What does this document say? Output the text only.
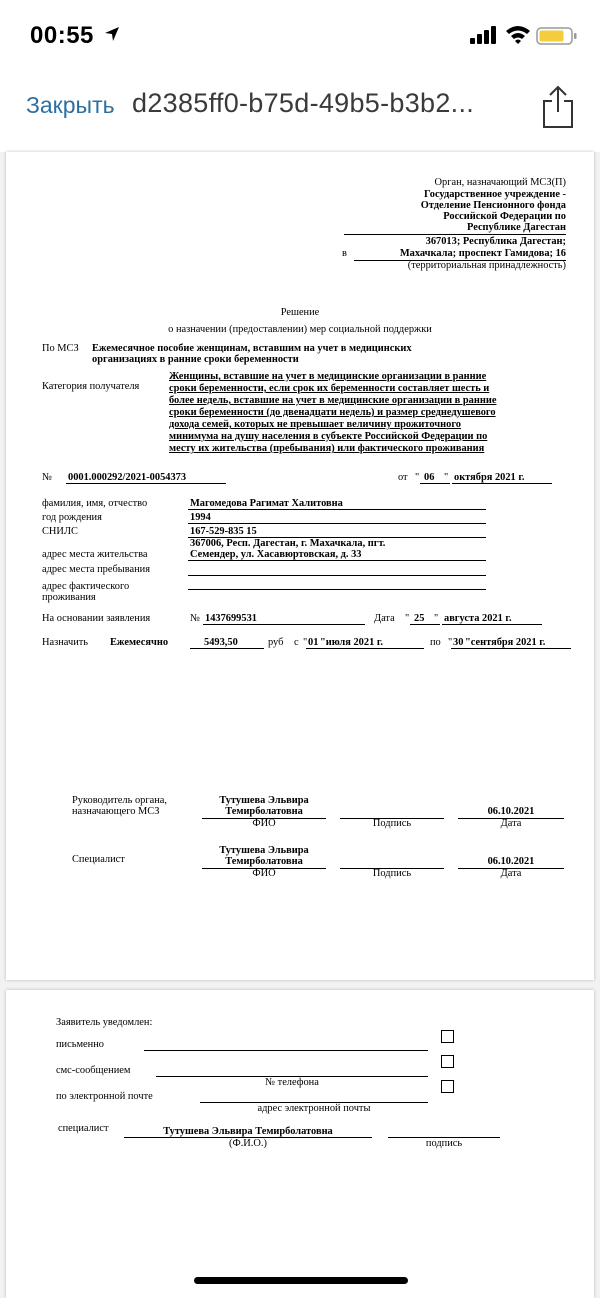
00:55
Закрыть d2385ff0-b75d-49b5-b3b2...
Орган, назначающий МСЗ(П)
Государственное учреждение -
Отделение Пенсионного фонда
Российской Федерации по
Республике Дагестан
367013; Республика Дагестан;
в	Махачкала; проспект Гамидова; 16
(территориальная принадлежность)
Решение
о назначении (предоставлении) мер социальной поддержки
По МСЗ Ежемесячное пособие женщинам, вставшим на учет в медицинских
организациях в ранние сроки беременности
Категория получателя
Женщины, вставшие на учет в медицинские организации в ранние
сроки беременности, если срок их беременности составляет шесть и
более недель, вставшие на учет в медицинские организации в ранние
сроки беременности (до двенадцати недель) и размер среднедушевого
дохода семей, которых не превышает величину прожиточного
минимума на душу населения в субъекте Российской Федерации по
месту их жительства (пребывания) или фактического проживания
№ 0001.000292/2021-0054373	от " 06 " октября 2021 г.
фамилия, имя, отчество	Магомедова Рагимат Халитовна
год рождения	1994
СНИЛС	167-529-835 15
367006, Респ. Дагестан, г. Махачкала, пгт.
адрес места жительства	Семендер, ул. Хасавюртовская, д. 33
адрес места пребывания
адрес фактического
проживания
На основании заявления	№ 1437699531	Дата " 25 " августа 2021 г.
Назначить Ежемесячно	5493,50	руб с " 01 "июля 2021 г.	по " 30 "сентября 2021 г.
Руководитель органа,
назначающего МСЗ
Тутушева Эльвира
Темирболатовна	06.10.2021
ФИО	Подпись	Дата
Специалист
Тутушева Эльвира
Темирболатовна	06.10.2021
ФИО	Подпись	Дата
Заявитель уведомлен:
письменно
смс-сообщением
№ телефона
по электронной почте
адрес электронной почты
специалист	Тутушева Эльвира Темирболатовна
(Ф.И.О.)	подпись
